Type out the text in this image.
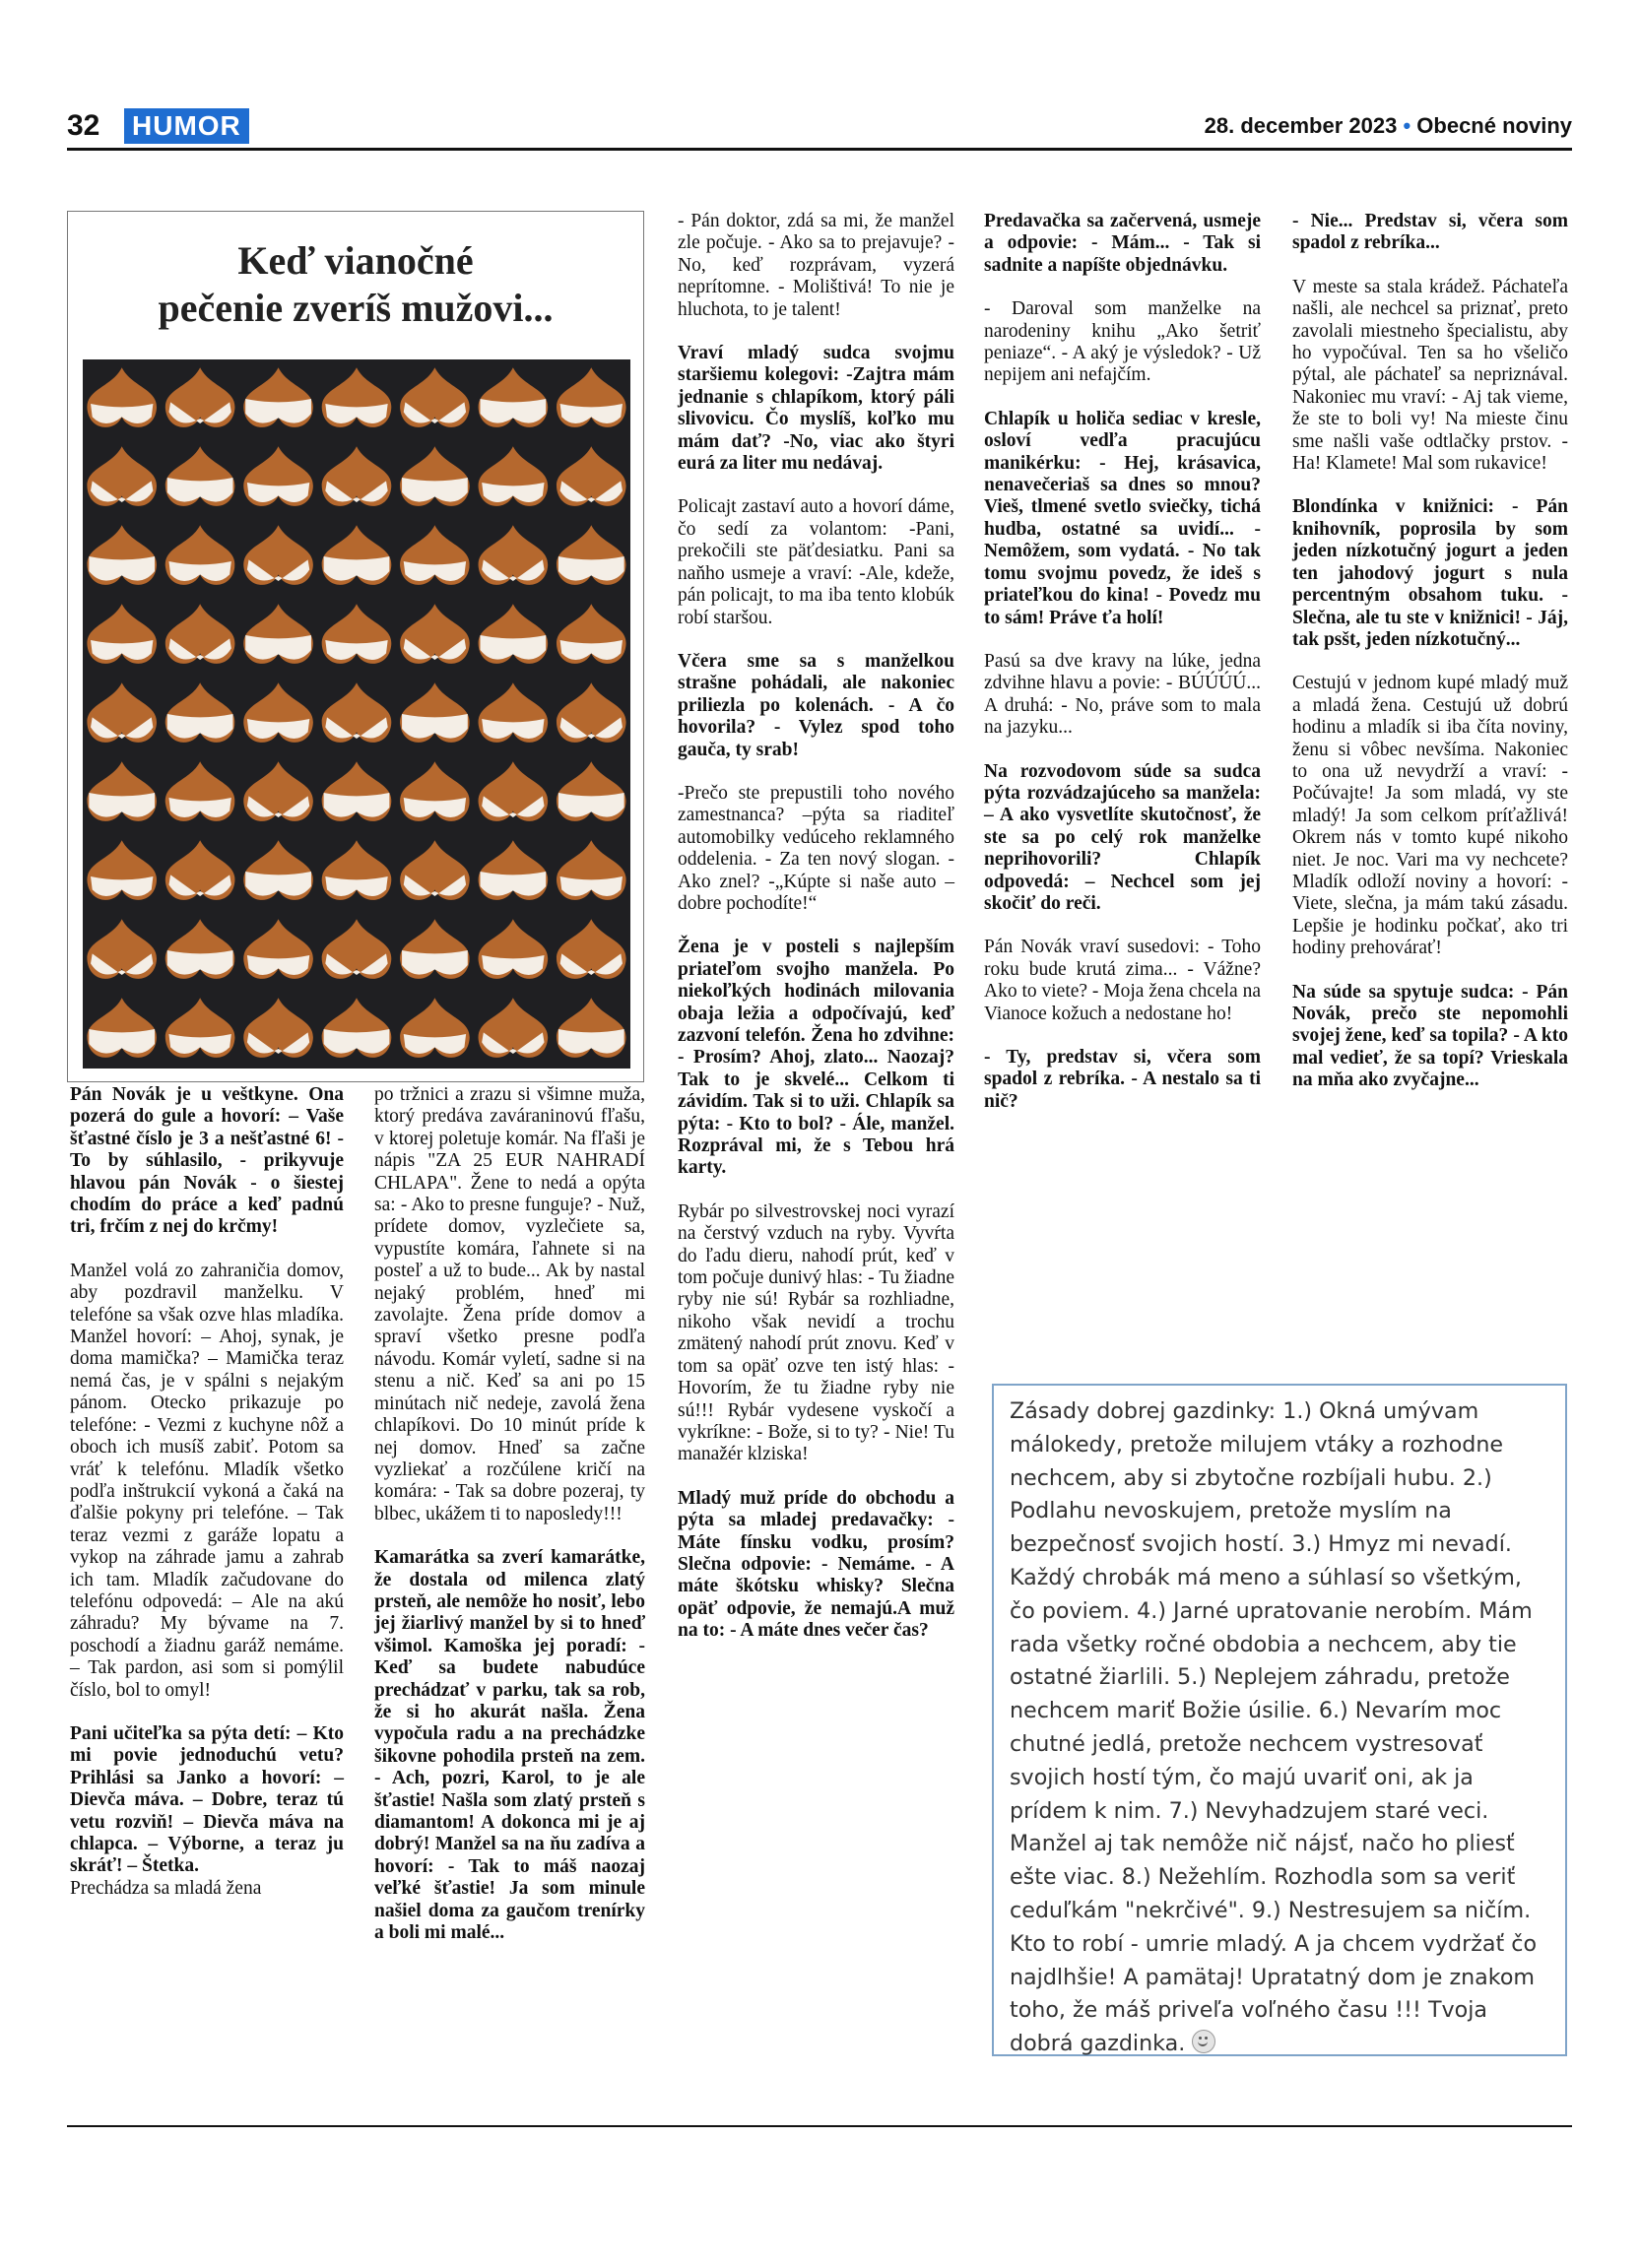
32 HUMOR	28. december 2023 • Obecné noviny
Keď vianočné
pečenie zveríš mužovi...

Pán Novák je u veštkyne. Ona pozerá do gule a hovorí: – Vaše šťastné číslo je 3 a nešťastné 6! - To by súhlasilo, - prikyvuje hlavou pán Novák - o šiestej chodím do práce a keď padnú tri, frčím z nej do krčmy!

Manžel volá zo zahraničia domov, aby pozdravil manželku. V telefóne sa však ozve hlas mladíka. Manžel hovorí: – Ahoj, synak, je doma mamička? – Mamička teraz nemá čas, je v spálni s nejakým pánom. Otecko prikazuje po telefóne: - Vezmi z kuchyne nôž a oboch ich musíš zabiť. Potom sa vráť k telefónu. Mladík všetko podľa inštrukcií vykoná a čaká na ďalšie pokyny pri telefóne. – Tak teraz vezmi z garáže lopatu a vykop na záhrade jamu a zahrab ich tam. Mladík začudovane do telefónu odpovedá: – Ale na akú záhradu? My bývame na 7. poschodí a žiadnu garáž nemáme. – Tak pardon, asi som si pomýlil číslo, bol to omyl!

Pani učiteľka sa pýta detí: – Kto mi povie jednoduchú vetu? Prihlási sa Janko a hovorí: – Dievča máva. – Dobre, teraz tú vetu rozviň! – Dievča máva na chlapca. – Výborne, a teraz ju skráť! – Štetka.
Prechádza sa mladá žena

po tržnici a zrazu si všimne muža, ktorý predáva zaváraninovú fľašu, v ktorej poletuje komár. Na fľaši je nápis "ZA 25 EUR NAHRADÍ CHLAPA". Žene to nedá a opýta sa: - Ako to presne funguje? - Nuž, prídete domov, vyzlečiete sa, vypustíte komára, ľahnete si na posteľ a už to bude... Ak by nastal nejaký problém, hneď mi zavolajte. Žena príde domov a spraví všetko presne podľa návodu. Komár vyletí, sadne si na stenu a nič. Keď sa ani po 15 minútach nič nedeje, zavolá žena chlapíkovi. Do 10 minút príde k nej domov. Hneď sa začne vyzliekať a rozčúlene kričí na komára: - Tak sa dobre pozeraj, ty blbec, ukážem ti to naposledy!!!

Kamarátka sa zverí kamarátke, že dostala od milenca zlatý prsteň, ale nemôže ho nosiť, lebo jej žiarlivý manžel by si to hneď všimol. Kamoška jej poradí: - Keď sa budete nabudúce prechádzať v parku, tak sa rob, že si ho akurát našla. Žena vypočula radu a na prechádzke šikovne pohodila prsteň na zem. - Ach, pozri, Karol, to je ale šťastie! Našla som zlatý prsteň s diamantom! A dokonca mi je aj dobrý! Manžel sa na ňu zadíva a hovorí: - Tak to máš naozaj veľké šťastie! Ja som minule našiel doma za gaučom trenírky a boli mi malé...

- Pán doktor, zdá sa mi, že manžel zle počuje. - Ako sa to prejavuje? - No, keď rozprávam, vyzerá neprítomne. - Molištivá! To nie je hluchota, to je talent!

Vraví mladý sudca svojmu staršiemu kolegovi: -Zajtra mám jednanie s chlapíkom, ktorý páli slivovicu. Čo myslíš, koľko mu mám dať? -No, viac ako štyri eurá za liter mu nedávaj.

Policajt zastaví auto a hovorí dáme, čo sedí za volantom: -Pani, prekočili ste päťdesiatku. Pani sa naňho usmeje a vraví: -Ale, kdeže, pán policajt, to ma iba tento klobúk robí staršou.

Včera sme sa s manželkou strašne pohádali, ale nakoniec priliezla po kolenách. - A čo hovorila? - Vylez spod toho gauča, ty srab!

-Prečo ste prepustili toho nového zamestnanca? –pýta sa riaditeľ automobilky vedúceho reklamného oddelenia. - Za ten nový slogan. - Ako znel? -„Kúpte si naše auto – dobre pochodíte!“

Žena je v posteli s najlepším priateľom svojho manžela. Po niekoľkých hodinách milovania obaja ležia a odpočívajú, keď zazvoní telefón. Žena ho zdvihne: - Prosím? Ahoj, zlato... Naozaj? Tak to je skvelé... Celkom ti závidím. Tak si to uži. Chlapík sa pýta: - Kto to bol? - Ále, manžel. Rozprával mi, že s Tebou hrá karty.

Rybár po silvestrovskej noci vyrazí na čerstvý vzduch na ryby. Vyvŕta do ľadu dieru, nahodí prút, keď v tom počuje dunivý hlas: - Tu žiadne ryby nie sú! Rybár sa rozhliadne, nikoho však nevidí a trochu zmätený nahodí prút znovu. Keď v tom sa opäť ozve ten istý hlas: - Hovorím, že tu žiadne ryby nie sú!!! Rybár vydesene vyskočí a vykríkne: - Bože, si to ty? - Nie! Tu manažér klziska!

Mladý muž príde do obchodu a pýta sa mladej predavačky: - Máte fínsku vodku, prosím? Slečna odpovie: - Nemáme. - A máte škótsku whisky? Slečna opäť odpovie, že nemajú.A muž na to: - A máte dnes večer čas?

Predavačka sa začervená, usmeje a odpovie: - Mám... - Tak si sadnite a napíšte objednávku.

- Daroval som manželke na narodeniny knihu „Ako šetriť peniaze“. - A aký je výsledok? - Už nepijem ani nefajčím.

Chlapík u holiča sediac v kresle, osloví vedľa pracujúcu manikérku: - Hej, krásavica, nenavečeriaš sa dnes so mnou? Vieš, tlmené svetlo sviečky, tichá hudba, ostatné sa uvidí... - Nemôžem, som vydatá. - No tak tomu svojmu povedz, že ideš s priateľkou do kina! - Povedz mu to sám! Práve ťa holí!

Pasú sa dve kravy na lúke, jedna zdvihne hlavu a povie: - BÚÚÚÚ... A druhá: - No, práve som to mala na jazyku...

Na rozvodovom súde sa sudca pýta rozvádzajúceho sa manžela: – A ako vysvetlíte skutočnosť, že ste sa po celý rok manželke neprihovorili? Chlapík odpovedá: – Nechcel som jej skočiť do reči.

Pán Novák vraví susedovi: - Toho roku bude krutá zima... - Vážne? Ako to viete? - Moja žena chcela na Vianoce kožuch a nedostane ho!

- Ty, predstav si, včera som spadol z rebríka. - A nestalo sa ti nič?

- Nie... Predstav si, včera som spadol z rebríka...

V meste sa stala krádež. Páchateľa našli, ale nechcel sa priznať, preto zavolali miestneho špecialistu, aby ho vypočúval. Ten sa ho všeličo pýtal, ale páchateľ sa nepriznával. Nakoniec mu vraví: - Aj tak vieme, že ste to boli vy! Na mieste činu sme našli vaše odtlačky prstov. - Ha! Klamete! Mal som rukavice!

Blondínka v knižnici: - Pán knihovník, poprosila by som jeden nízkotučný jogurt a jeden ten jahodový jogurt s nula percentným obsahom tuku. - Slečna, ale tu ste v knižnici! - Jáj, tak psšt, jeden nízkotučný...

Cestujú v jednom kupé mladý muž a mladá žena. Cestujú už dobrú hodinu a mladík si iba číta noviny, ženu si vôbec nevšíma. Nakoniec to ona už nevydrží a vraví: - Počúvajte! Ja som mladá, vy ste mladý! Ja som celkom príťažlivá! Okrem nás v tomto kupé nikoho niet. Je noc. Vari ma vy nechcete? Mladík odloží noviny a hovorí: - Viete, slečna, ja mám takú zásadu. Lepšie je hodinku počkať, ako tri hodiny prehovárať!

Na súde sa spytuje sudca: - Pán Novák, prečo ste nepomohli svojej žene, keď sa topila? - A kto mal vedieť, že sa topí? Vrieskala na mňa ako zvyčajne...

Zásady dobrej gazdinky: 1.) Okná umývam málokedy, pretože milujem vtáky a rozhodne nechcem, aby si zbytočne rozbíjali hubu. 2.) Podlahu nevoskujem, pretože myslím na bezpečnosť svojich hostí. 3.) Hmyz mi nevadí. Každý chrobák má meno a súhlasí so všetkým, čo poviem. 4.) Jarné upratovanie nerobím. Mám rada všetky ročné obdobia a nechcem, aby tie ostatné žiarlili. 5.) Neplejem záhradu, pretože nechcem mariť Božie úsilie. 6.) Nevarím moc chutné jedlá, pretože nechcem vystresovať svojich hostí tým, čo majú uvariť oni, ak ja prídem k nim. 7.) Nevyhadzujem staré veci. Manžel aj tak nemôže nič nájsť, načo ho pliesť ešte viac. 8.) Nežehlím. Rozhodla som sa veriť ceduľkám "nekrčivé". 9.) Nestresujem sa ničím. Kto to robí - umrie mladý. A ja chcem vydržať čo najdlhšie! A pamätaj! Upratatný dom je znakom toho, že máš priveľa voľného času !!! Tvoja dobrá gazdinka.
